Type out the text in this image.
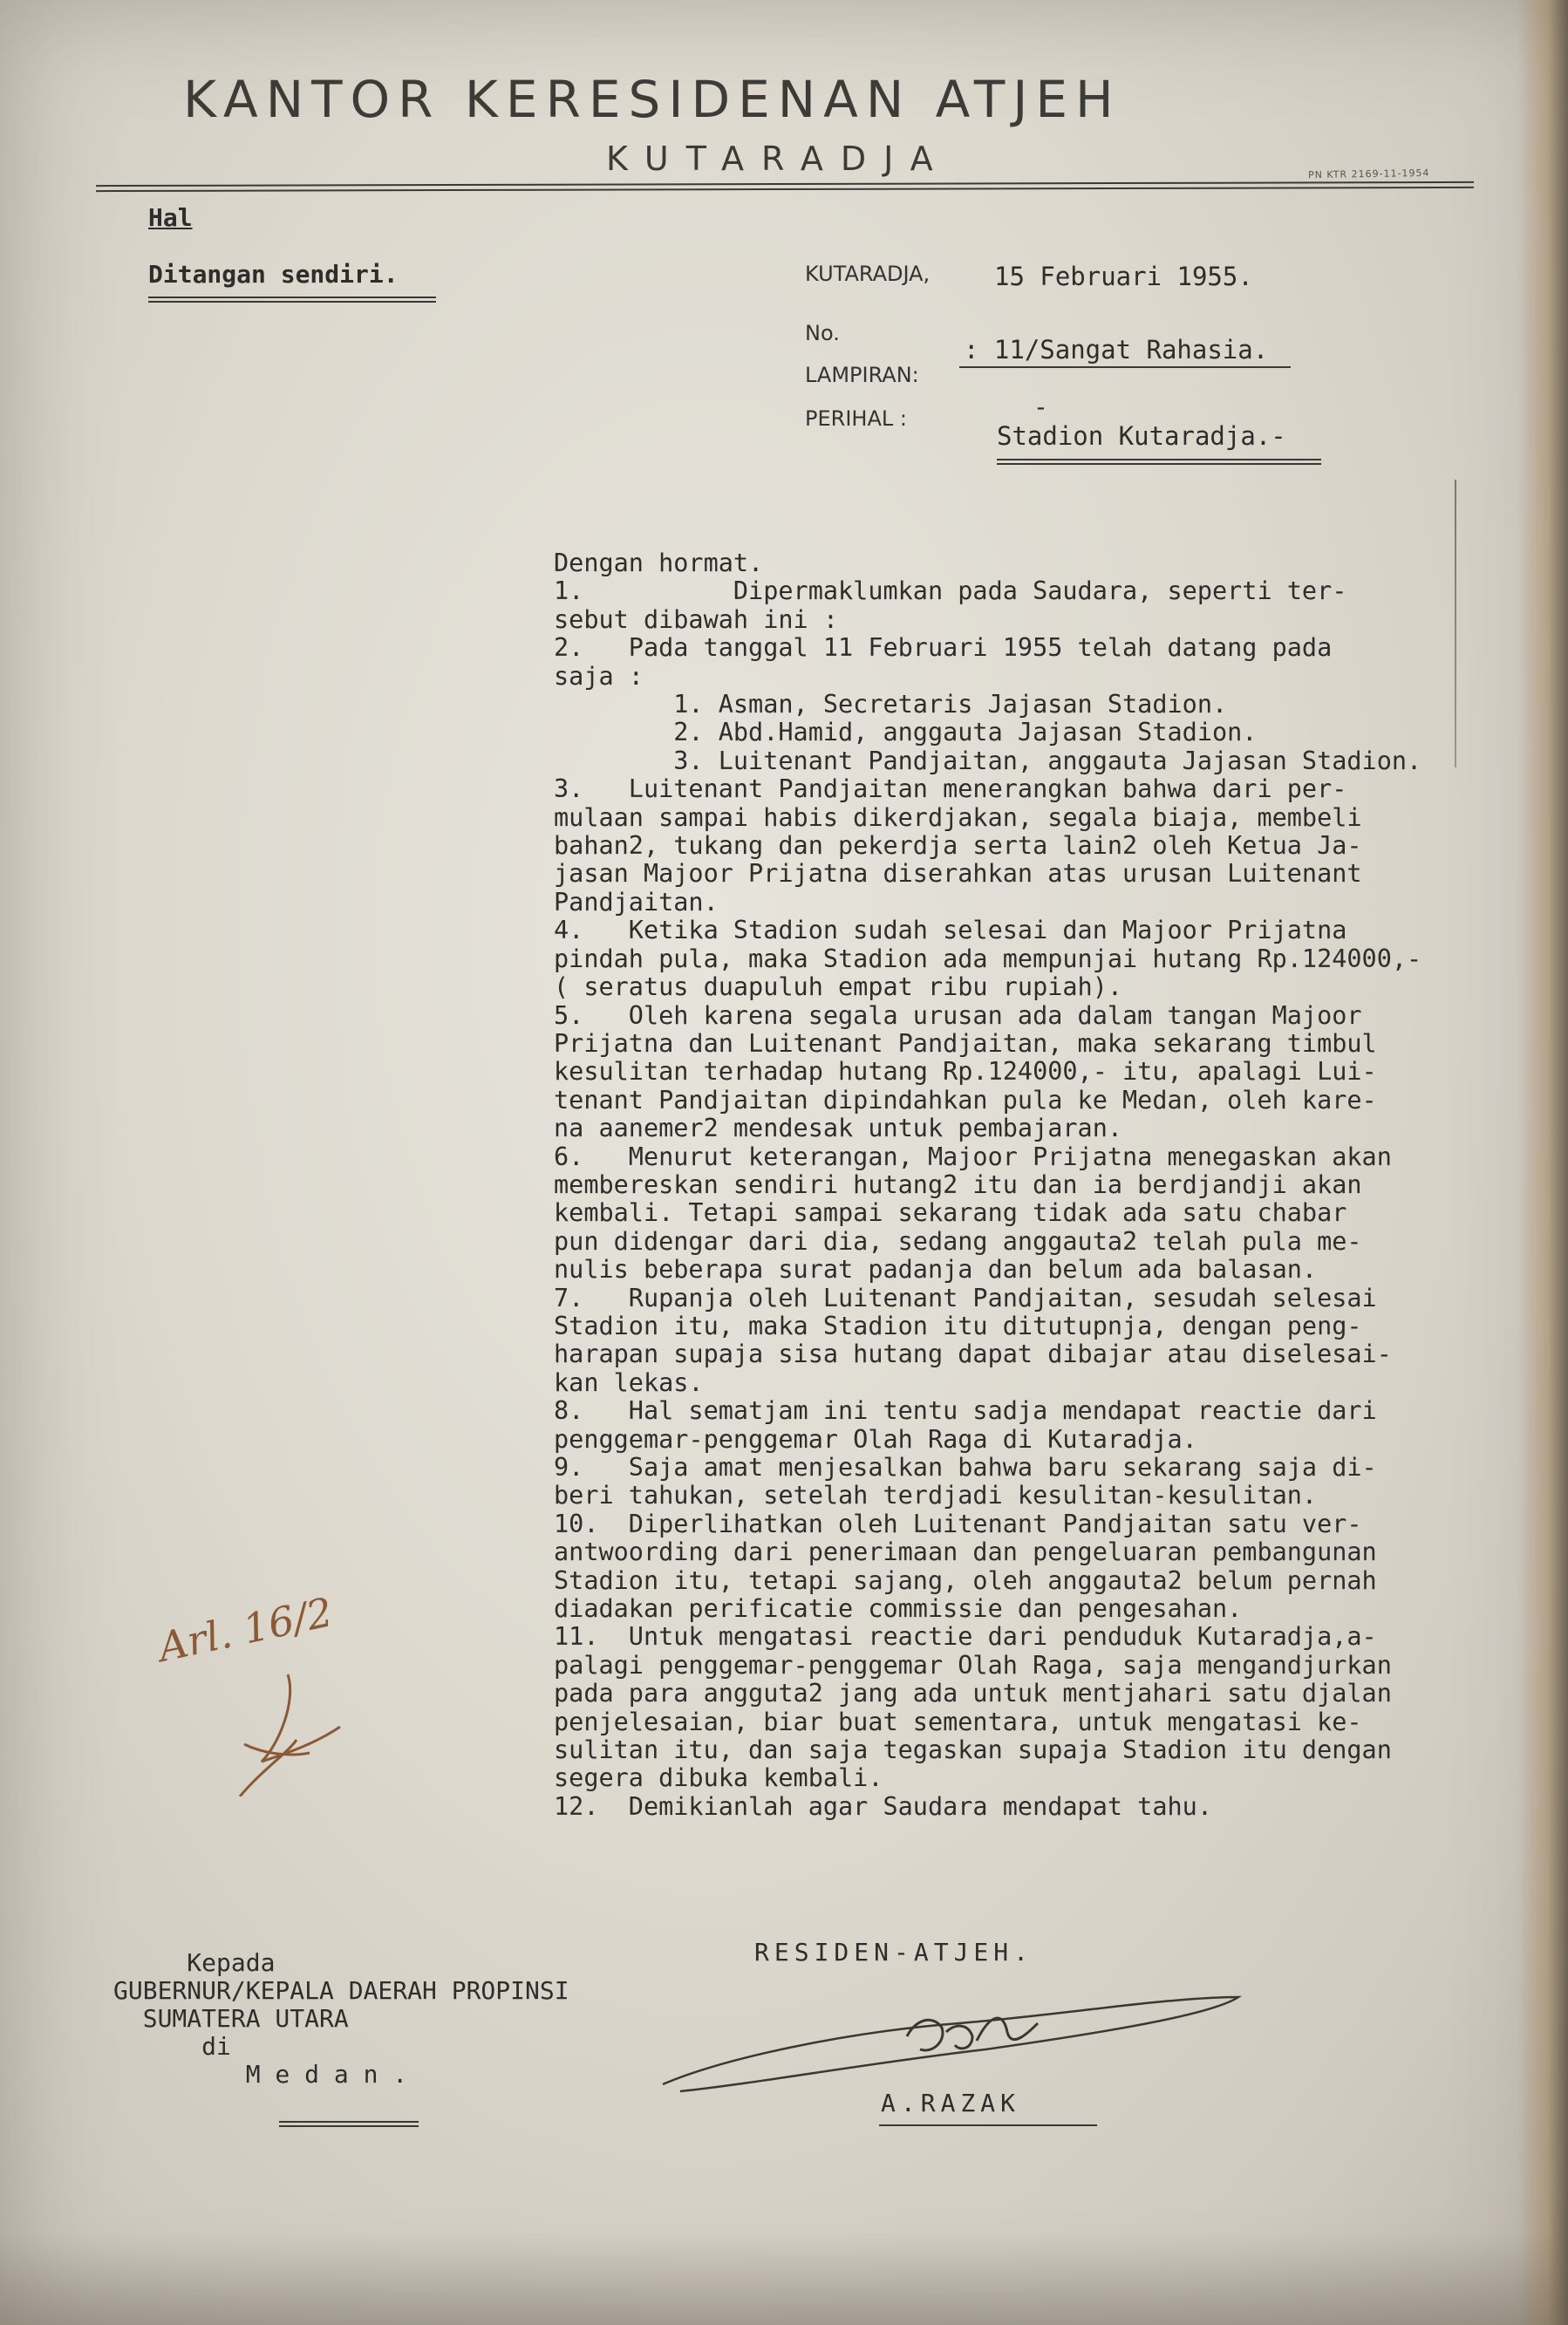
KANTOR KERESIDENAN ATJEH
KUTARADJA	PN KTR 2169-11-1954
Hal
Ditangan sendiri.	KUTARADJA,	15 Februari 1955.
No.
: 11/Sangat Rahasia.
LAMPIRAN:
-
PERIHAL :
Stadion Kutaradja.-
Dengan hormat.
1.          Dipermaklumkan pada Saudara, seperti ter-
sebut dibawah ini :
2.   Pada tanggal 11 Februari 1955 telah datang pada
saja :
1. Asman, Secretaris Jajasan Stadion.
2. Abd.Hamid, anggauta Jajasan Stadion.
3. Luitenant Pandjaitan, anggauta Jajasan Stadion.
3.   Luitenant Pandjaitan menerangkan bahwa dari per-
mulaan sampai habis dikerdjakan, segala biaja, membeli
bahan2, tukang dan pekerdja serta lain2 oleh Ketua Ja-
jasan Majoor Prijatna diserahkan atas urusan Luitenant
Pandjaitan.
4.   Ketika Stadion sudah selesai dan Majoor Prijatna
pindah pula, maka Stadion ada mempunjai hutang Rp.124000,-
( seratus duapuluh empat ribu rupiah).
5.   Oleh karena segala urusan ada dalam tangan Majoor
Prijatna dan Luitenant Pandjaitan, maka sekarang timbul
kesulitan terhadap hutang Rp.124000,- itu, apalagi Lui-
tenant Pandjaitan dipindahkan pula ke Medan, oleh kare-
na aanemer2 mendesak untuk pembajaran.
6.   Menurut keterangan, Majoor Prijatna menegaskan akan
membereskan sendiri hutang2 itu dan ia berdjandji akan
kembali. Tetapi sampai sekarang tidak ada satu chabar
pun didengar dari dia, sedang anggauta2 telah pula me-
nulis beberapa surat padanja dan belum ada balasan.
7.   Rupanja oleh Luitenant Pandjaitan, sesudah selesai
Stadion itu, maka Stadion itu ditutupnja, dengan peng-
harapan supaja sisa hutang dapat dibajar atau diselesai-
kan lekas.
8.   Hal sematjam ini tentu sadja mendapat reactie dari
penggemar-penggemar Olah Raga di Kutaradja.
9.   Saja amat menjesalkan bahwa baru sekarang saja di-
beri tahukan, setelah terdjadi kesulitan-kesulitan.
10.  Diperlihatkan oleh Luitenant Pandjaitan satu ver-
antwoording dari penerimaan dan pengeluaran pembangunan
Stadion itu, tetapi sajang, oleh anggauta2 belum pernah
diadakan perificatie commissie dan pengesahan.
11.  Untuk mengatasi reactie dari penduduk Kutaradja,a-
palagi penggemar-penggemar Olah Raga, saja mengandjurkan
pada para angguta2 jang ada untuk mentjahari satu djalan
penjelesaian, biar buat sementara, untuk mengatasi ke-
sulitan itu, dan saja tegaskan supaja Stadion itu dengan
segera dibuka kembali.
12.  Demikianlah agar Saudara mendapat tahu.
Arl. 16/2
Kepada
GUBERNUR/KEPALA DAERAH PROPINSI
SUMATERA UTARA
di
M e d a n .
RESIDEN-ATJEH.
A.RAZAK
